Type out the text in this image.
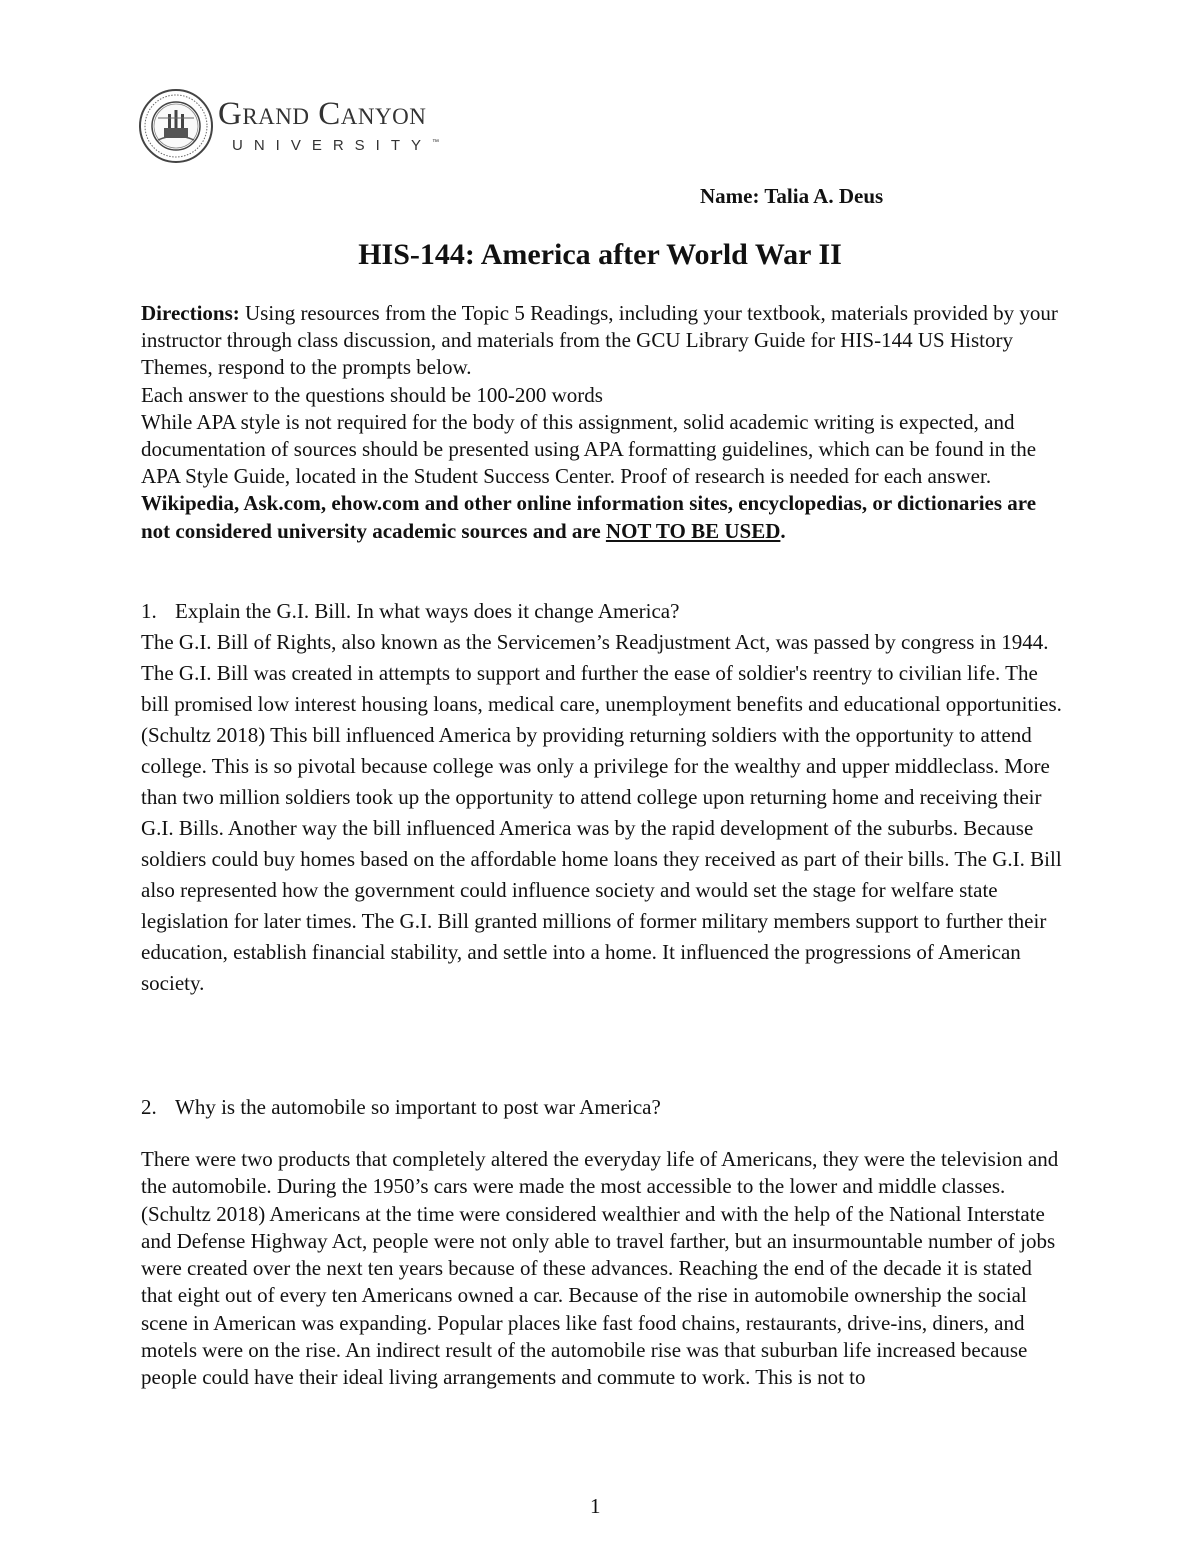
Grand Canyon
UNIVERSITY™
Name: Talia A. Deus
HIS-144: America after World War II

Directions: Using resources from the Topic 5 Readings, including your textbook, materials provided by your instructor through class discussion, and materials from the GCU Library Guide for HIS-144 US History Themes, respond to the prompts below.

Each answer to the questions should be 100-200 words

While APA style is not required for the body of this assignment, solid academic writing is expected, and documentation of sources should be presented using APA formatting guidelines, which can be found in the APA Style Guide, located in the Student Success Center. Proof of research is needed for each answer.

Wikipedia, Ask.com, ehow.com and other online information sites, encyclopedias, or dictionaries are not considered university academic sources and are NOT TO BE USED.

1. Explain the G.I. Bill. In what ways does it change America?

The G.I. Bill of Rights, also known as the Servicemen’s Readjustment Act, was passed by congress in 1944. The G.I. Bill was created in attempts to support and further the ease of soldier's reentry to civilian life. The bill promised low interest housing loans, medical care, unemployment benefits and educational opportunities. (Schultz 2018) This bill influenced America by providing returning soldiers with the opportunity to attend college. This is so pivotal because college was only a privilege for the wealthy and upper middleclass. More than two million soldiers took up the opportunity to attend college upon returning home and receiving their G.I. Bills. Another way the bill influenced America was by the rapid development of the suburbs. Because soldiers could buy homes based on the affordable home loans they received as part of their bills. The G.I. Bill also represented how the government could influence society and would set the stage for welfare state legislation for later times. The G.I. Bill granted millions of former military members support to further their education, establish financial stability, and settle into a home. It influenced the progressions of American society.

2. Why is the automobile so important to post war America?

There were two products that completely altered the everyday life of Americans, they were the television and the automobile. During the 1950’s cars were made the most accessible to the lower and middle classes. (Schultz 2018) Americans at the time were considered wealthier and with the help of the National Interstate and Defense Highway Act, people were not only able to travel farther, but an insurmountable number of jobs were created over the next ten years because of these advances. Reaching the end of the decade it is stated that eight out of every ten Americans owned a car. Because of the rise in automobile ownership the social scene in American was expanding. Popular places like fast food chains, restaurants, drive-ins, diners, and motels were on the rise. An indirect result of the automobile rise was that suburban life increased because people could have their ideal living arrangements and commute to work. This is not to

1
